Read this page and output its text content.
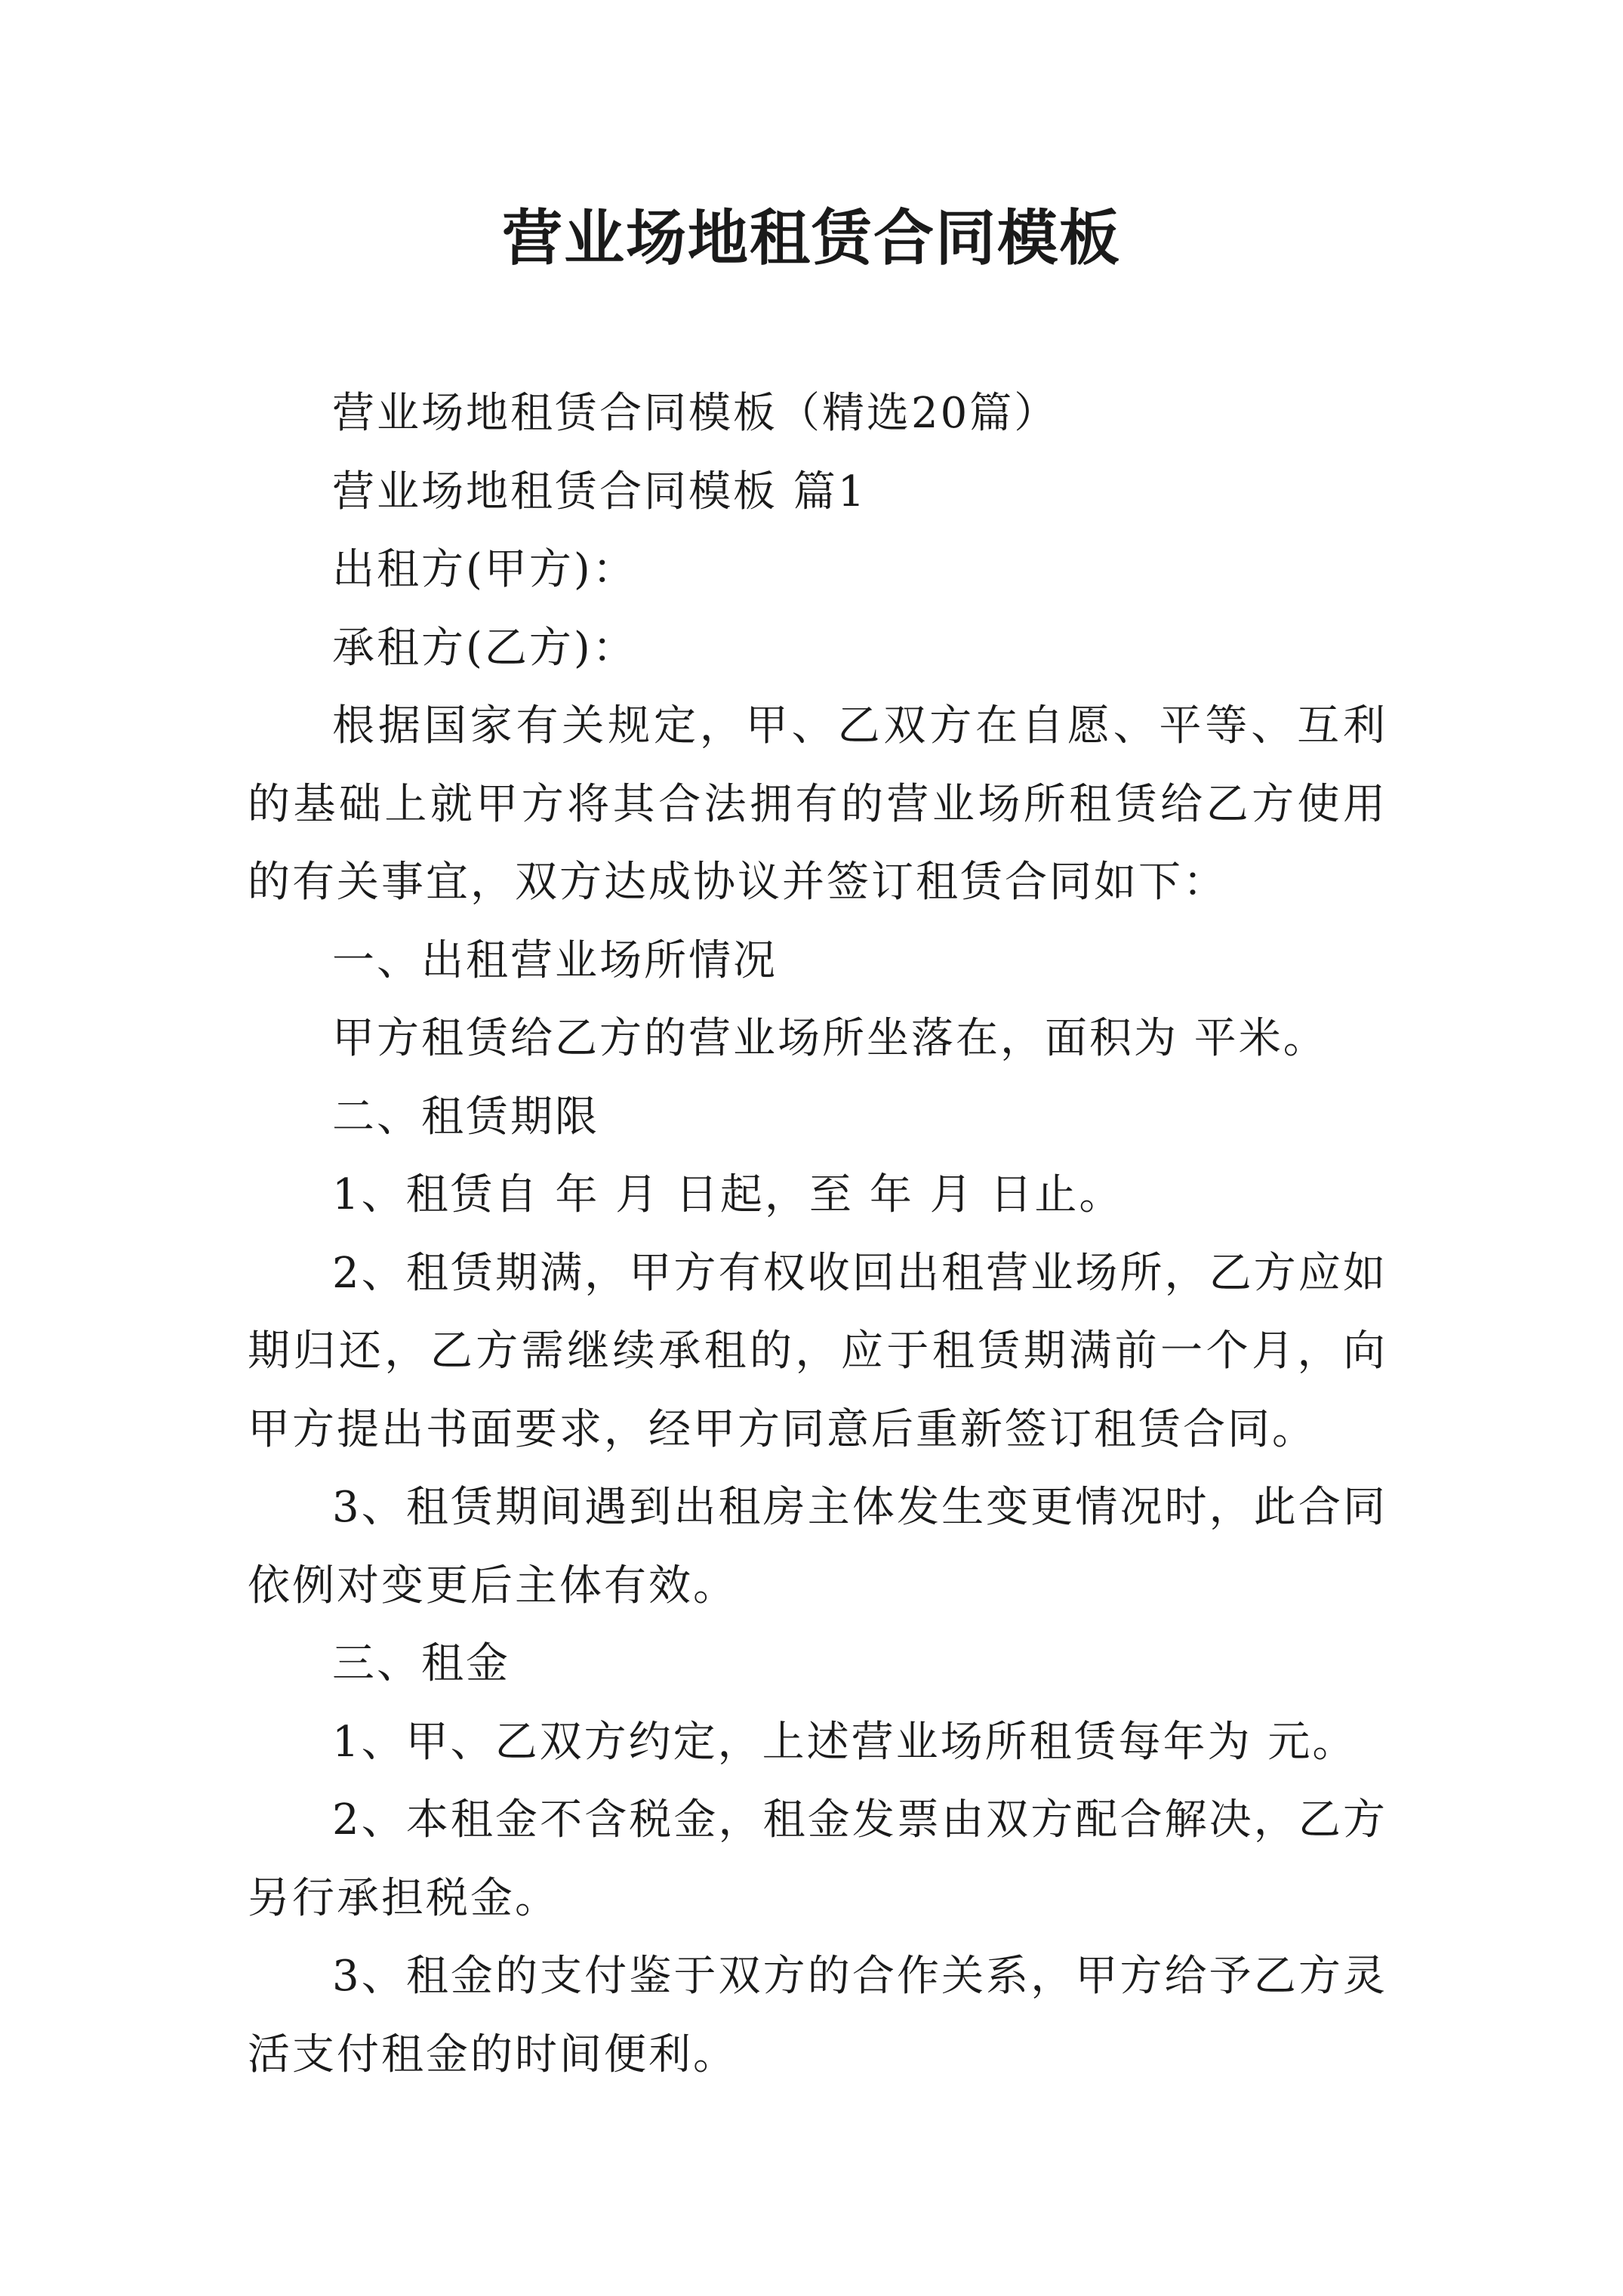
营业场地租赁合同模板

营业场地租赁合同模板（精选20篇）

营业场地租赁合同模板 篇1

出租方(甲方)：

承租方(乙方)：

根据国家有关规定，甲、乙双方在自愿、平等、互利的基础上就甲方将其合法拥有的营业场所租赁给乙方使用的有关事宜，双方达成协议并签订租赁合同如下：

一、出租营业场所情况

甲方租赁给乙方的营业场所坐落在，面积为 平米。

二、租赁期限

1、租赁自 年 月 日起，至 年 月 日止。

2、租赁期满，甲方有权收回出租营业场所，乙方应如期归还，乙方需继续承租的，应于租赁期满前一个月，向甲方提出书面要求，经甲方同意后重新签订租赁合同。

3、租赁期间遇到出租房主体发生变更情况时，此合同依例对变更后主体有效。

三、租金

1、甲、乙双方约定，上述营业场所租赁每年为 元。

2、本租金不含税金，租金发票由双方配合解决，乙方另行承担税金。

3、租金的支付鉴于双方的合作关系，甲方给予乙方灵活支付租金的时间便利。
